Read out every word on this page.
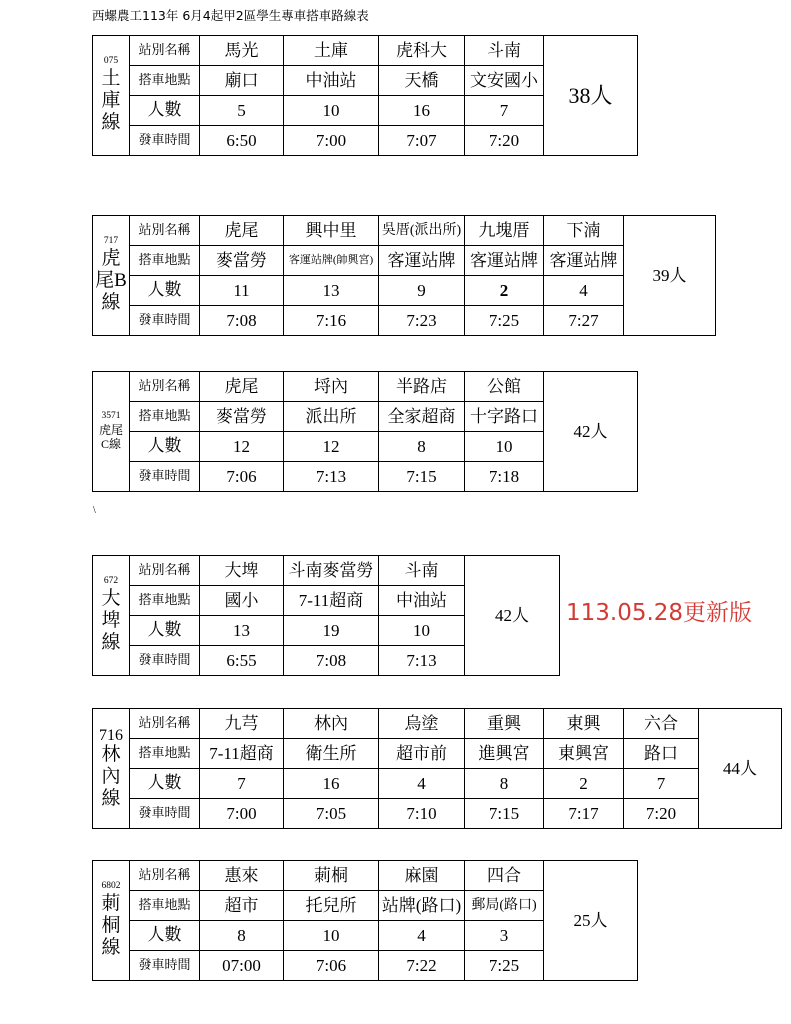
西螺農工113年 6月4起甲2區學生專車搭車路線表
075
土庫線	站別名稱	馬光	土庫	虎科大	斗南	38人
	搭車地點	廟口	中油站	天橋	文安國小	
	人數	5	10	16	7	
	發車時間	6:50	7:00	7:07	7:20	
717
虎尾B線	站別名稱	虎尾	興中里	吳厝(派出所)	九塊厝	下湳	39人
	搭車地點	麥當勞	客運站牌(帥興宮)	客運站牌	客運站牌	客運站牌	
	人數	11	13	9	2	4	
	發車時間	7:08	7:16	7:23	7:25	7:27	
3571
虎尾C線	站別名稱	虎尾	埒內	半路店	公館	42人
	搭車地點	麥當勞	派出所	全家超商	十字路口	
	人數	12	12	8	10	
	發車時間	7:06	7:13	7:15	7:18	
\
672
大埤線	站別名稱	大埤	斗南麥當勞	斗南	42人
	搭車地點	國小	7-11超商	中油站	
	人數	13	19	10	
	發車時間	6:55	7:08	7:13	
113.05.28更新版
716
林內線	站別名稱	九芎	林內	烏塗	重興	東興	六合	44人
	搭車地點	7-11超商	衛生所	超市前	進興宮	東興宮	路口	
	人數	7	16	4	8	2	7	
	發車時間	7:00	7:05	7:10	7:15	7:17	7:20	
6802
莿桐線	站別名稱	惠來	莿桐	麻園	四合	25人
	搭車地點	超市	托兒所	站牌(路口)	郵局(路口)	
	人數	8	10	4	3	
	發車時間	07:00	7:06	7:22	7:25	
